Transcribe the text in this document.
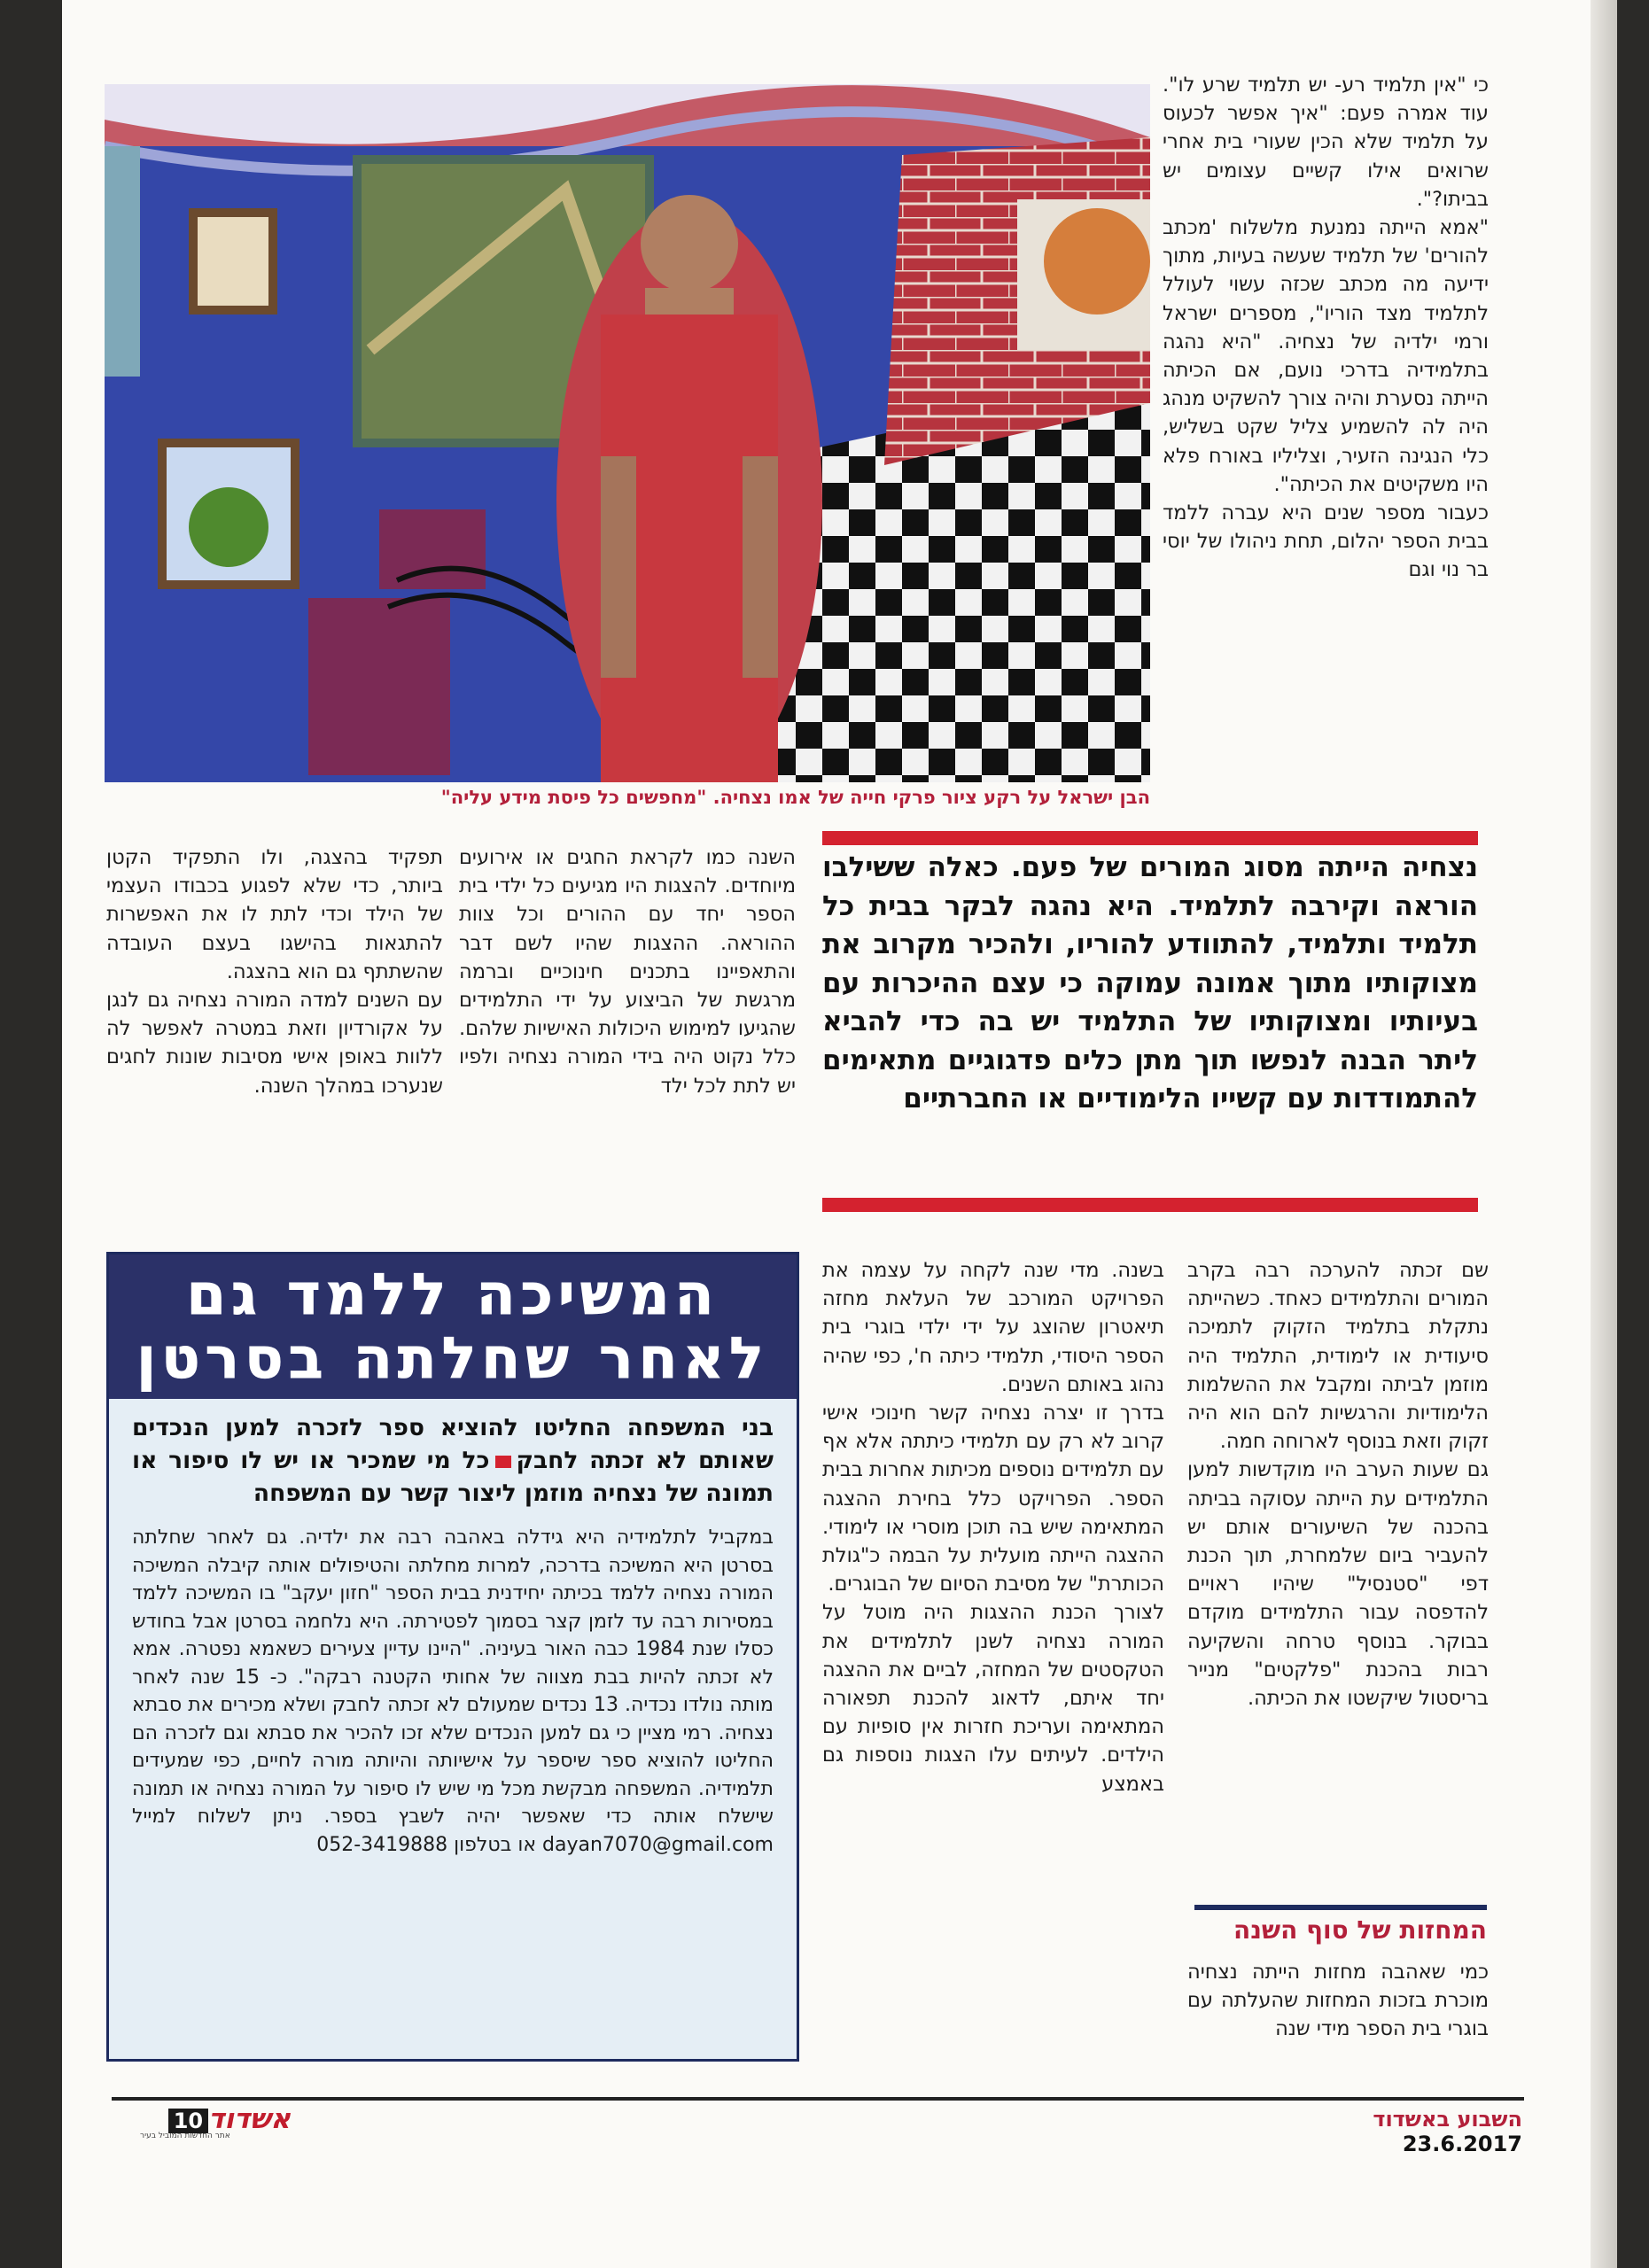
הבן ישראל על רקע ציור פרקי חייה של אמו נצחיה. "מחפשים כל פיסת מידע עליה"

כי "אין תלמיד רע- יש תלמיד שרע לו". עוד אמרה פעם: "איך אפשר לכעוס על תלמיד שלא הכין שעורי בית אחרי שרואים אילו קשיים עצומים יש בביתו?".

"אמא הייתה נמנעת מלשלוח 'מכתב להורים' של תלמיד שעשה בעיות, מתוך ידיעה מה מכתב שכזה עשוי לעולל לתלמיד מצד הוריו", מספרים ישראל ורמי ילדיה של נצחיה. "היא נהגה בתלמידיה בדרכי נועם, אם הכיתה הייתה נסערת והיה צורך להשקיט מנהג היה לה להשמיע צליל שקט בשליש, כלי הנגינה הזעיר, וצליליו באורח פלא היו משקיטים את הכיתה".

כעבור מספר שנים היא עברה ללמד בבית הספר יהלום, תחת ניהולו של יוסי בר נוי וגם

נצחיה הייתה מסוג המורים של פעם. כאלה ששילבו הוראה וקירבה לתלמיד. היא נהגה לבקר בבית כל תלמיד ותלמיד, להתוודע להוריו, ולהכיר מקרוב את מצוקותיו מתוך אמונה עמוקה כי עצם ההיכרות עם בעיותיו ומצוקותיו של התלמיד יש בה כדי להביא ליתר הבנה לנפשו תוך מתן כלים פדגוגיים מתאימים להתמודדות עם קשייו הלימודיים או החברתיים

השנה כמו לקראת החגים או אירועים מיוחדים. להצגות היו מגיעים כל ילדי בית הספר יחד עם ההורים וכל צוות ההוראה. ההצגות שהיו לשם דבר והתאפיינו בתכנים חינוכיים וברמה מרגשת של הביצוע על ידי התלמידים שהגיעו למימוש היכולות האישיות שלהם. כלל נקוט היה בידי המורה נצחיה ולפיו יש לתת לכל ילד

תפקיד בהצגה, ולו התפקיד הקטן ביותר, כדי שלא לפגוע בכבודו העצמי של הילד וכדי לתת לו את האפשרות להתגאות בהישגו בעצם העובדה שהשתתף גם הוא בהצגה.

עם השנים למדה המורה נצחיה גם לנגן על אקורדיון וזאת במטרה לאפשר לה ללוות באופן אישי מסיבות שונות לחגים שנערכו במהלך השנה.

שם זכתה להערכה רבה בקרב המורים והתלמידים כאחד. כשהייתה נתקלת בתלמיד הזקוק לתמיכה סיעודית או לימודית, התלמיד היה מוזמן לביתה ומקבל את ההשלמות הלימודיות והרגשיות להם הוא היה זקוק וזאת בנוסף לארוחה חמה.

גם שעות הערב היו מוקדשות למען התלמידים עת הייתה עסוקה בביתה בהכנה של השיעורים אותם יש להעביר ביום שלמחרת, תוך הכנת דפי "סטנסיל" שיהיו ראויים להדפסה עבור התלמידים מוקדם בבוקר. בנוסף טרחה והשקיעה רבות בהכנת "פלקטים" מנייר בריסטול שיקשטו את הכיתה.

המחזות של סוף השנה

כמי שאהבה מחזות הייתה נצחיה מוכרת בזכות המחזות שהעלתה עם בוגרי בית הספר מידי שנה

בשנה. מדי שנה לקחה על עצמה את הפרויקט המורכב של העלאת מחזה תיאטרון שהוצג על ידי ילדי בוגרי בית הספר היסודי, תלמידי כיתה ח', כפי שהיה נהוג באותם השנים.

בדרך זו יצרה נצחיה קשר חינוכי אישי קרוב לא רק עם תלמידי כיתתה אלא אף עם תלמידים נוספים מכיתות אחרות בבית הספר. הפרויקט כלל בחירת ההצגה המתאימה שיש בה תוכן מוסרי או לימודי. ההצגה הייתה מועלית על הבמה כ"גולת הכותרת" של מסיבת הסיום של הבוגרים.

לצורך הכנת ההצגות היה מוטל על המורה נצחיה לשנן לתלמידים את הטקסטים של המחזה, לביים את ההצגה יחד איתם, לדאוג להכנת תפאורה המתאימה ועריכת חזרות אין סופיות עם הילדים. לעיתים עלו הצגות נוספות גם באמצע

המשיכה ללמד גם
לאחר שחלתה בסרטן
בני המשפחה החליטו להוציא ספר לזכרה למען הנכדים שאותם לא זכתה לחבקכל מי שמכיר או יש לו סיפור או תמונה של נצחיה מוזמן ליצור קשר עם המשפחה
במקביל לתלמידיה היא גידלה באהבה רבה את ילדיה. גם לאחר שחלתה בסרטן היא המשיכה בדרכה, למרות מחלתה והטיפולים אותה קיבלה המשיכה המורה נצחיה ללמד בכיתה יחידנית בבית הספר "חזון יעקב" בו המשיכה ללמד במסירות רבה עד לזמן קצר בסמוך לפטירתה. היא נלחמה בסרטן אבל בחודש כסלו שנת 1984 כבה האור בעיניה. "היינו עדיין צעירים כשאמא נפטרה. אמא לא זכתה להיות בבת מצווה של אחותי הקטנה רבקה". כ- 15 שנה לאחר מותה נולדו נכדיה. 13 נכדים שמעולם לא זכתה לחבק ושלא מכירים את סבתא נצחיה. רמי מציין כי גם למען הנכדים שלא זכו להכיר את סבתא וגם לזכרה הם החליטו להוציא ספר שיספר על אישיותה והיותה מורה לחיים, כפי שמעידים תלמידיה. המשפחה מבקשת מכל מי שיש לו סיפור על המורה נצחיה או תמונה שישלח אותה כדי שאפשר יהיה לשבץ בספר. ניתן לשלוח למייל dayan7070@gmail.com או בטלפון 052-3419888
השבוע באשדוד    23.6.2017
אשדוד10
אתר החדשות המוביל בעיר
